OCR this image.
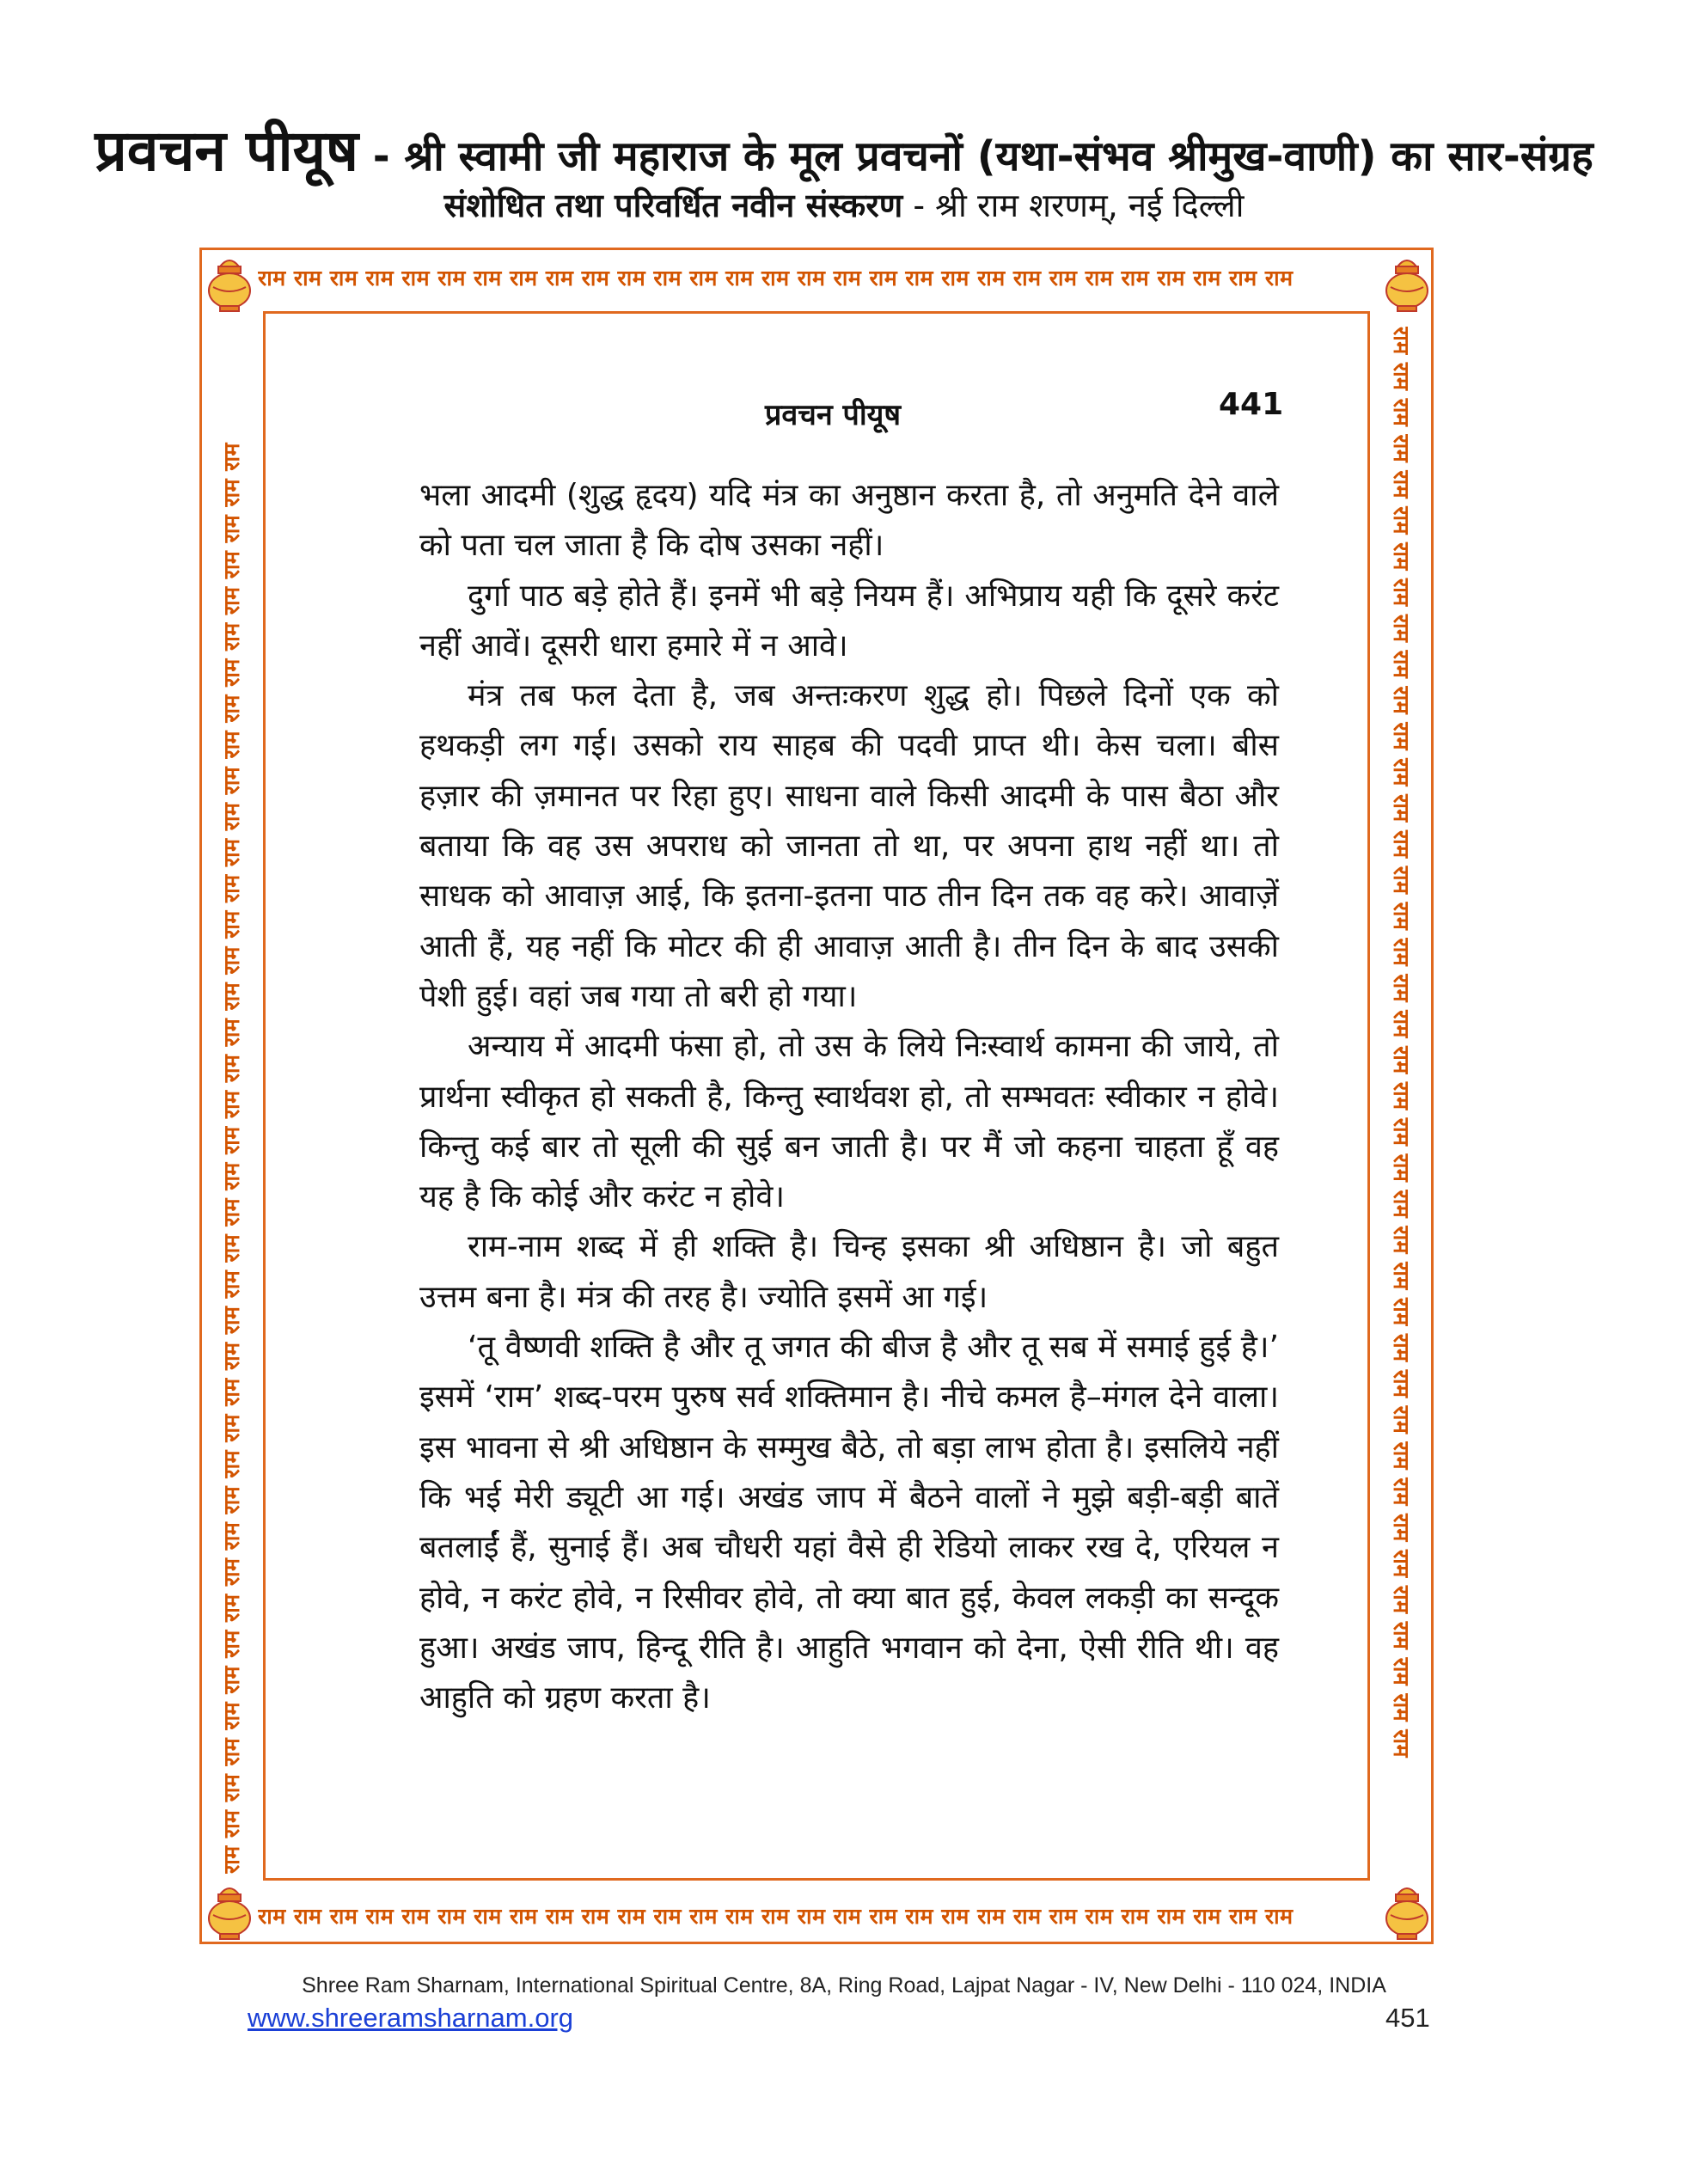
प्रवचन पीयूष - श्री स्वामी जी महाराज के मूल प्रवचनों (यथा-संभव श्रीमुख-वाणी) का सार-संग्रह
संशोधित तथा परिवर्धित नवीन संस्करण - श्री राम शरणम्, नई दिल्ली
राम राम राम राम राम राम राम राम राम राम राम राम राम राम राम राम राम राम राम राम राम राम राम राम राम राम राम राम राम
राम राम राम राम राम राम राम राम राम राम राम राम राम राम राम राम राम राम राम राम राम राम राम राम राम राम राम राम राम
राम राम राम राम राम राम राम राम राम राम राम राम राम राम राम राम राम राम राम राम राम राम राम राम राम राम राम राम राम राम राम राम राम राम राम राम राम राम राम राम	राम राम राम राम राम राम राम राम राम राम राम राम राम राम राम राम राम राम राम राम राम राम राम राम राम राम राम राम राम राम राम राम राम राम राम राम राम राम राम राम
प्रवचन पीयूष	441

भला आदमी (शुद्ध हृदय) यदि मंत्र का अनुष्ठान करता है, तो अनुमति देने वाले को पता चल जाता है कि दोष उसका नहीं।

दुर्गा पाठ बड़े होते हैं। इनमें भी बड़े नियम हैं। अभिप्राय यही कि दूसरे करंट नहीं आवें। दूसरी धारा हमारे में न आवे।

मंत्र तब फल देता है, जब अन्तःकरण शुद्ध हो। पिछले दिनों एक को हथकड़ी लग गई। उसको राय साहब की पदवी प्राप्त थी। केस चला। बीस हज़ार की ज़मानत पर रिहा हुए। साधना वाले किसी आदमी के पास बैठा और बताया कि वह उस अपराध को जानता तो था, पर अपना हाथ नहीं था। तो साधक को आवाज़ आई, कि इतना-इतना पाठ तीन दिन तक वह करे। आवाज़ें आती हैं, यह नहीं कि मोटर की ही आवाज़ आती है। तीन दिन के बाद उसकी पेशी हुई। वहां जब गया तो बरी हो गया।

अन्याय में आदमी फंसा हो, तो उस के लिये निःस्वार्थ कामना की जाये, तो प्रार्थना स्वीकृत हो सकती है, किन्तु स्वार्थवश हो, तो सम्भवतः स्वीकार न होवे। किन्तु कई बार तो सूली की सुई बन जाती है। पर मैं जो कहना चाहता हूँ वह यह है कि कोई और करंट न होवे।

राम-नाम शब्द में ही शक्ति है। चिन्ह इसका श्री अधिष्ठान है। जो बहुत उत्तम बना है। मंत्र की तरह है। ज्योति इसमें आ गई।

‘तू वैष्णवी शक्ति है और तू जगत की बीज है और तू सब में समाई हुई है।’ इसमें ‘राम’ शब्द-परम पुरुष सर्व शक्तिमान है। नीचे कमल है–मंगल देने वाला। इस भावना से श्री अधिष्ठान के सम्मुख बैठे, तो बड़ा लाभ होता है। इसलिये नहीं कि भई मेरी ड्यूटी आ गई। अखंड जाप में बैठने वालों ने मुझे बड़ी-बड़ी बातें बतलाईं हैं, सुनाई हैं। अब चौधरी यहां वैसे ही रेडियो लाकर रख दे, एरियल न होवे, न करंट होवे, न रिसीवर होवे, तो क्या बात हुई, केवल लकड़ी का सन्दूक हुआ। अखंड जाप, हिन्दू रीति है। आहुति भगवान को देना, ऐसी रीति थी। वह आहुति को ग्रहण करता है।

Shree Ram Sharnam, International Spiritual Centre, 8A, Ring Road, Lajpat Nagar - IV, New Delhi - 110 024, INDIA
www.shreeramsharnam.org	451
